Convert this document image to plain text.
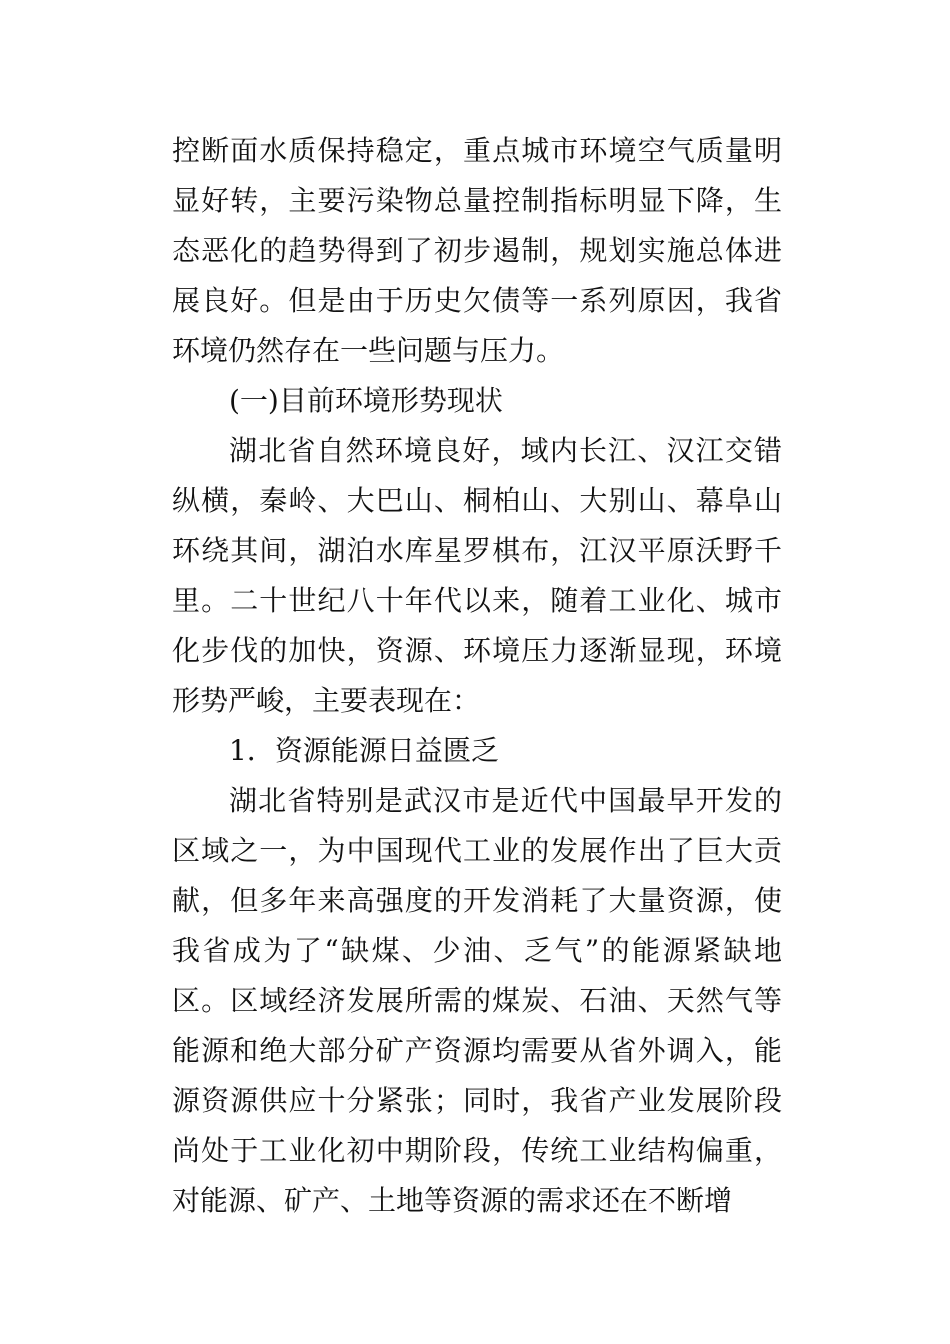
控断面水质保持稳定，重点城市环境空气质量明
显好转，主要污染物总量控制指标明显下降，生
态恶化的趋势得到了初步遏制，规划实施总体进
展良好。但是由于历史欠债等一系列原因，我省
环境仍然存在一些问题与压力。
(一)目前环境形势现状
湖北省自然环境良好，域内长江、汉江交错
纵横，秦岭、大巴山、桐柏山、大别山、幕阜山
环绕其间，湖泊水库星罗棋布，江汉平原沃野千
里。二十世纪八十年代以来，随着工业化、城市
化步伐的加快，资源、环境压力逐渐显现，环境
形势严峻，主要表现在：
1．资源能源日益匮乏
湖北省特别是武汉市是近代中国最早开发的
区域之一，为中国现代工业的发展作出了巨大贡
献，但多年来高强度的开发消耗了大量资源，使
我省成为了“缺煤、少油、乏气”的能源紧缺地
区。区域经济发展所需的煤炭、石油、天然气等
能源和绝大部分矿产资源均需要从省外调入，能
源资源供应十分紧张；同时，我省产业发展阶段
尚处于工业化初中期阶段，传统工业结构偏重，
对能源、矿产、土地等资源的需求还在不断增
